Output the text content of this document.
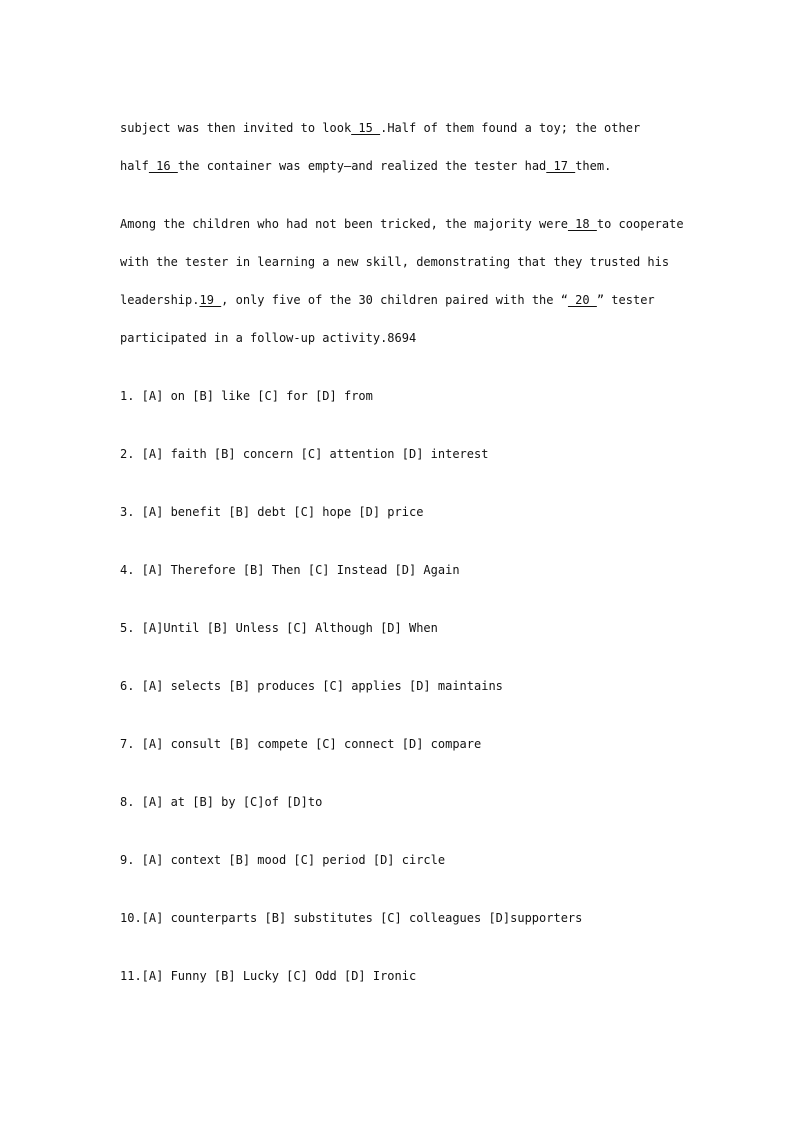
subject was then invited to look 15 .Half of them found a toy; the other
half 16 the container was empty—and realized the tester had 17 them.
Among the children who had not been tricked, the majority were 18 to cooperate
with the tester in learning a new skill, demonstrating that they trusted his
leadership.19 , only five of the 30 children paired with the “ 20 ” tester
participated in a follow-up activity.8694
1. [A] on [B] like [C] for [D] from
2. [A] faith [B] concern [C] attention [D] interest
3. [A] benefit [B] debt [C] hope [D] price
4. [A] Therefore [B] Then [C] Instead [D] Again
5. [A]Until [B] Unless [C] Although [D] When
6. [A] selects [B] produces [C] applies [D] maintains
7. [A] consult [B] compete [C] connect [D] compare
8. [A] at [B] by [C]of [D]to
9. [A] context [B] mood [C] period [D] circle
10.[A] counterparts [B] substitutes [C] colleagues [D]supporters
11.[A] Funny [B] Lucky [C] Odd [D] Ironic
